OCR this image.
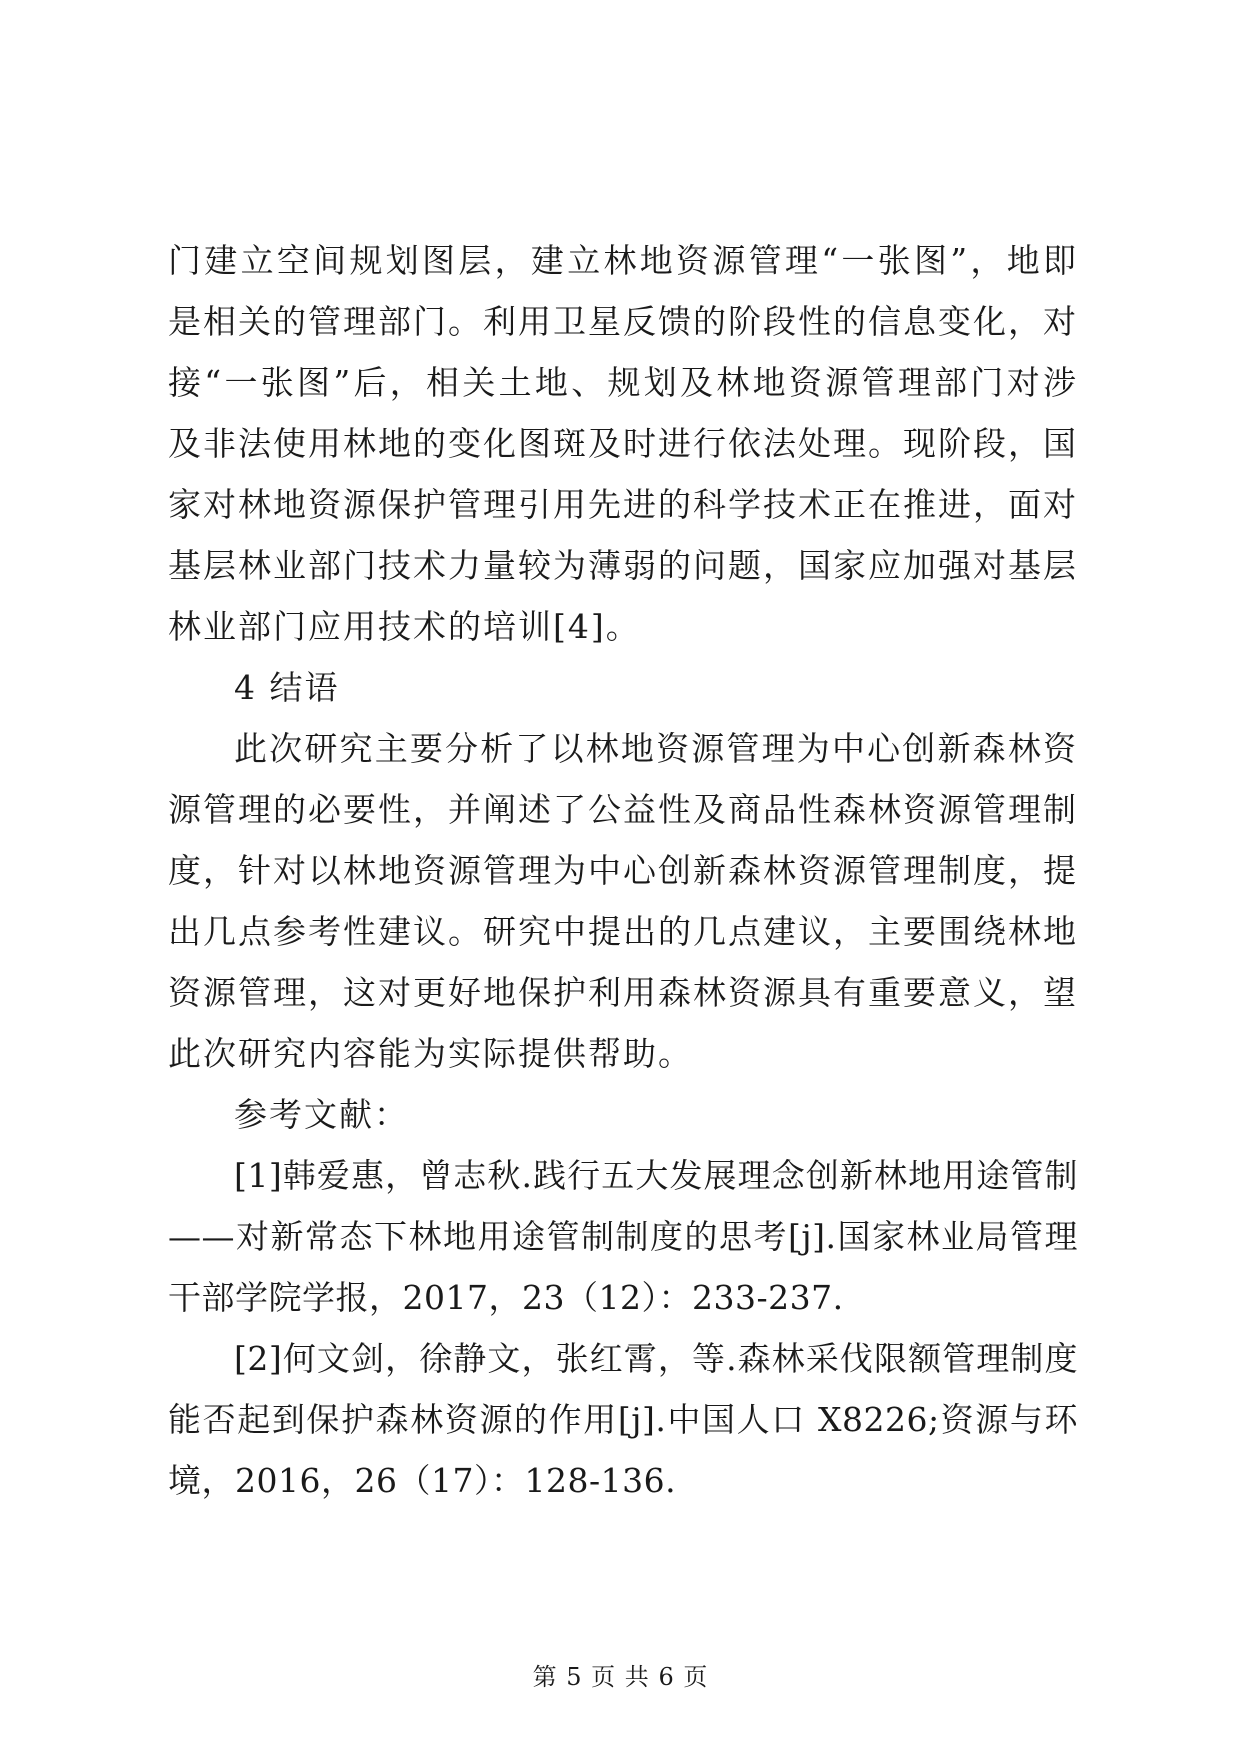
门建立空间规划图层，建立林地资源管理“一张图”，地即是相关的管理部门。利用卫星反馈的阶段性的信息变化，对接“一张图”后，相关土地、规划及林地资源管理部门对涉及非法使用林地的变化图斑及时进行依法处理。现阶段，国家对林地资源保护管理引用先进的科学技术正在推进，面对基层林业部门技术力量较为薄弱的问题，国家应加强对基层林业部门应用技术的培训[4]。

4 结语

此次研究主要分析了以林地资源管理为中心创新森林资源管理的必要性，并阐述了公益性及商品性森林资源管理制度，针对以林地资源管理为中心创新森林资源管理制度，提出几点参考性建议。研究中提出的几点建议，主要围绕林地资源管理，这对更好地保护利用森林资源具有重要意义，望此次研究内容能为实际提供帮助。

参考文献：

[1]韩爱惠，曾志秋.践行五大发展理念创新林地用途管制——对新常态下林地用途管制制度的思考[j].国家林业局管理干部学院学报，2017，23（12）：233-237.

[2]何文剑，徐静文，张红霄，等.森林采伐限额管理制度能否起到保护森林资源的作用[j].中国人口 X8226;资源与环境，2016，26（17）：128-136.

第 5 页 共 6 页
